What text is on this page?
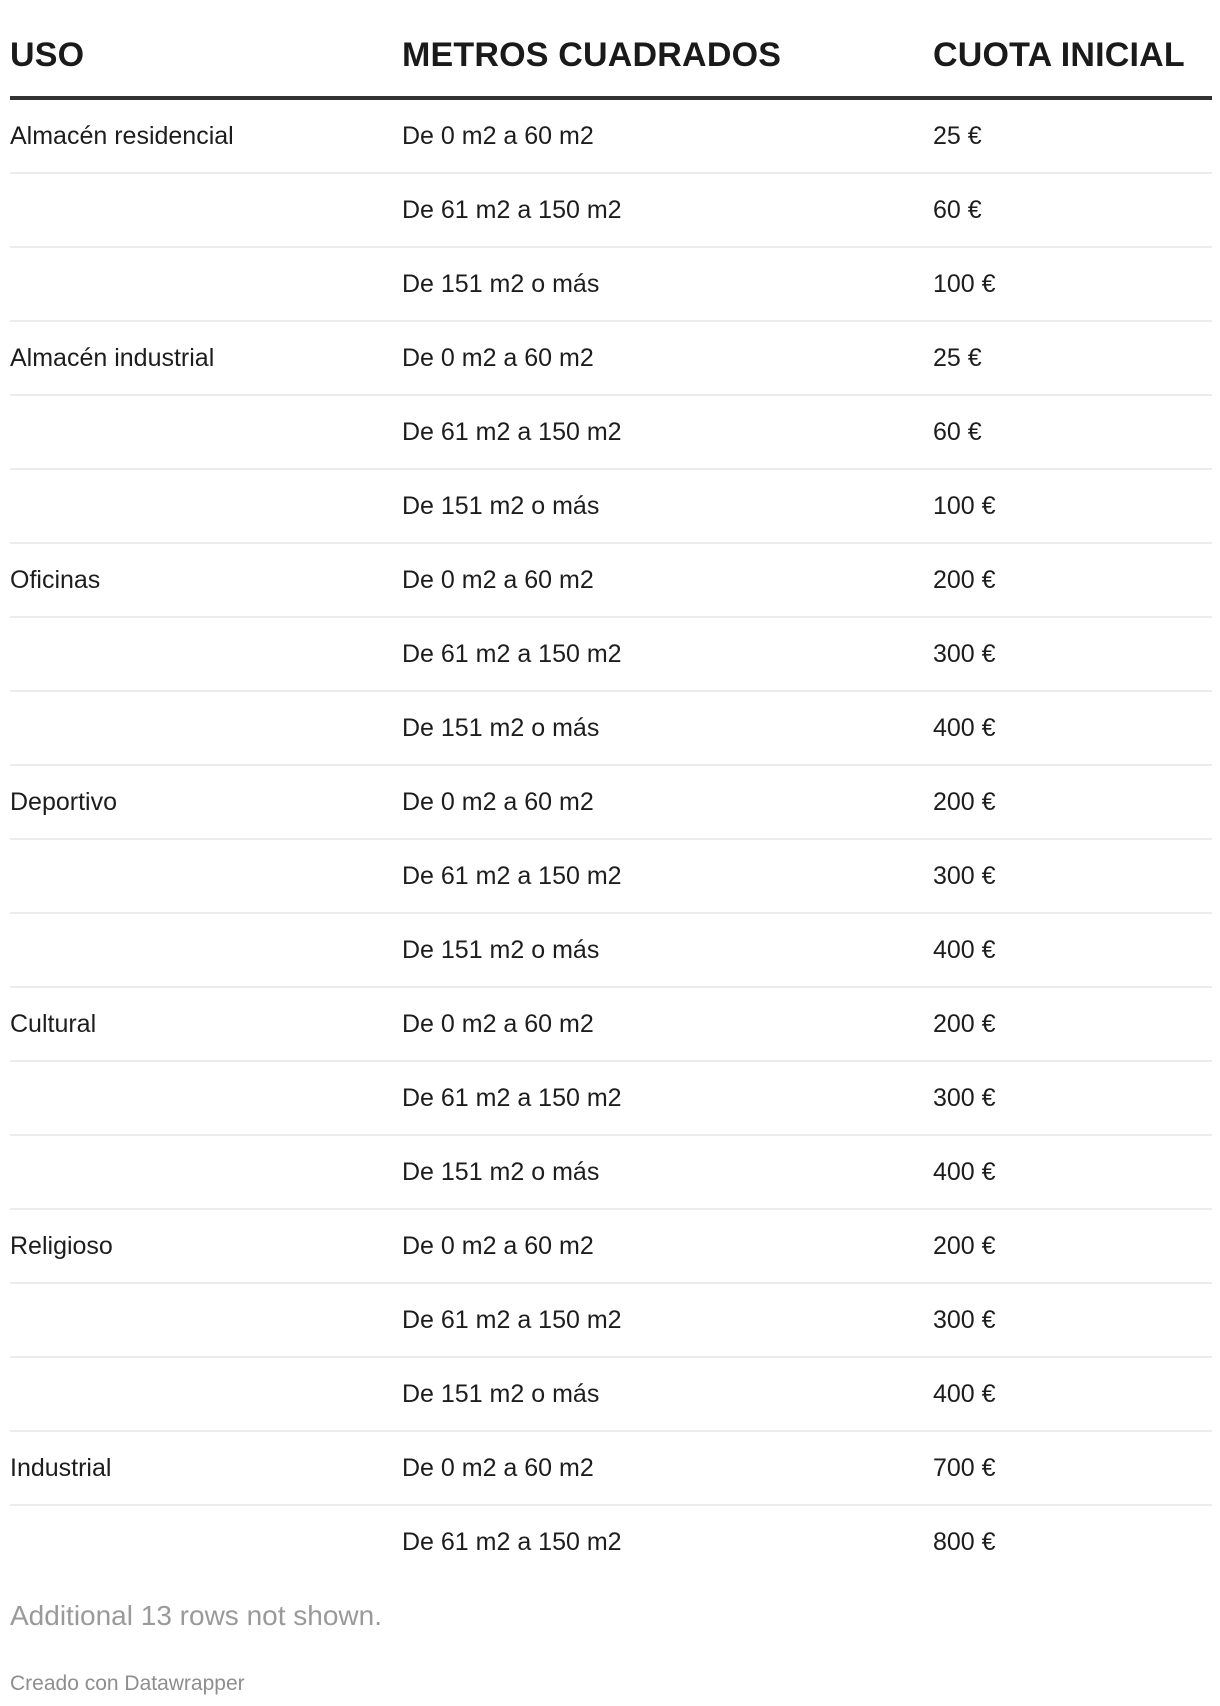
USO	METROS CUADRADOS	CUOTA INICIAL
Almacén residencial	De 0 m2 a 60 m2	25 €
	De 61 m2 a 150 m2	60 €
	De 151 m2 o más	100 €
Almacén industrial	De 0 m2 a 60 m2	25 €
	De 61 m2 a 150 m2	60 €
	De 151 m2 o más	100 €
Oficinas	De 0 m2 a 60 m2	200 €
	De 61 m2 a 150 m2	300 €
	De 151 m2 o más	400 €
Deportivo	De 0 m2 a 60 m2	200 €
	De 61 m2 a 150 m2	300 €
	De 151 m2 o más	400 €
Cultural	De 0 m2 a 60 m2	200 €
	De 61 m2 a 150 m2	300 €
	De 151 m2 o más	400 €
Religioso	De 0 m2 a 60 m2	200 €
	De 61 m2 a 150 m2	300 €
	De 151 m2 o más	400 €
Industrial	De 0 m2 a 60 m2	700 €
	De 61 m2 a 150 m2	800 €
Additional 13 rows not shown.
Creado con Datawrapper
